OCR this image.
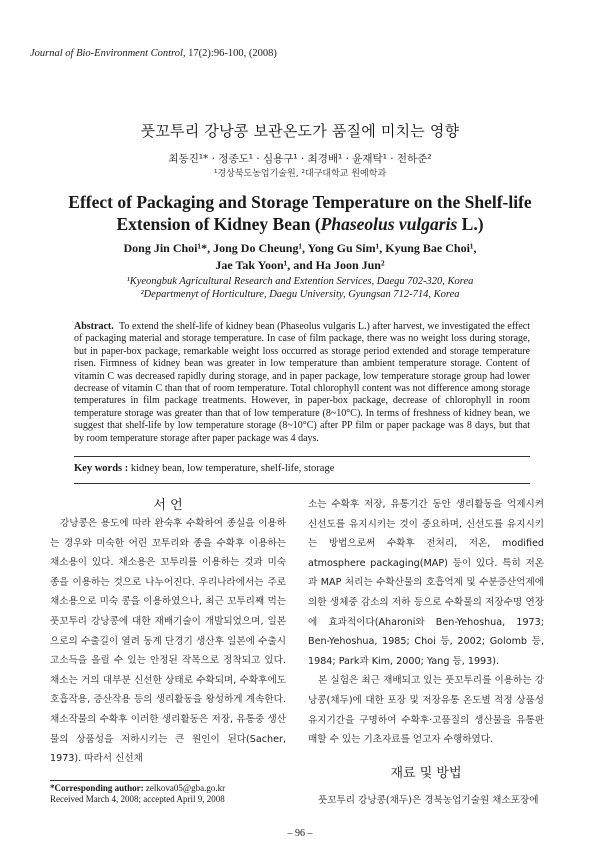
Journal of Bio-Environment Control, 17(2):96-100, (2008)
풋꼬투리 강낭콩 보관온도가 품질에 미치는 영향
최동진¹* · 정종도¹ · 심용구¹ · 최경배¹ · 윤재탁¹ · 전하준²
¹경상북도농업기술원, ²대구대학교 원예학과
Effect of Packaging and Storage Temperature on the Shelf-life
Extension of Kidney Bean (Phaseolus vulgaris L.)
Dong Jin Choi¹*, Jong Do Cheung¹, Yong Gu Sim¹, Kyung Bae Choi¹,
Jae Tak Yoon¹, and Ha Joon Jun²
¹Kyeongbuk Agricultural Research and Extention Services, Daegu 702-320, Korea
²Departmenyt of Horticulture, Daegu University, Gyungsan 712-714, Korea
Abstract. To extend the shelf-life of kidney bean (Phaseolus vulgaris L.) after harvest, we investigated the effect of packaging material and storage temperature. In case of film package, there was no weight loss during storage, but in paper-box package, remarkable weight loss occurred as storage period extended and storage temperature risen. Firmness of kidney bean was greater in low temperature than ambient temperature storage. Content of vitamin C was decreased rapidly during storage, and in paper package, low temperature storage group had lower decrease of vitamin C than that of room temperature. Total chlorophyll content was not difference among storage temperatures in film package treatments. However, in paper-box package, decrease of chlorophyll in room temperature storage was greater than that of low temperature (8~10°C). In terms of freshness of kidney bean, we suggest that shelf-life by low temperature storage (8~10°C) after PP film or paper package was 8 days, but that by room temperature storage after paper package was 4 days.
Key words : kidney bean, low temperature, shelf-life, storage
서 언

강낭콩은 용도에 따라 완숙후 수확하여 종실을 이용하는 경우와 미숙한 어린 꼬투리와 종을 수확후 이용하는 채소용이 있다. 채소용은 꼬투리를 이용하는 것과 미숙 종을 이용하는 것으로 나누어진다. 우리나라에서는 주로 채소용으로 미숙 콩을 이용하였으나, 최근 꼬투리째 먹는 풋꼬투리 강낭콩에 대한 재배기술이 개발되었으며, 일본으로의 수출길이 열려 동계 단경기 생산후 일본에 수출시 고소득을 올릴 수 있는 안정된 작목으로 정착되고 있다. 채소는 거의 대부분 신선한 상태로 수확되며, 수확후에도 호흡작용, 증산작용 등의 생리활동을 왕성하게 계속한다. 채소작물의 수확후 이러한 생리활동은 저장, 유통중 생산물의 상품성을 저하시키는 큰 원인이 된다(Sacher, 1973). 따라서 신선채

소는 수확후 저장, 유통기간 동안 생리활동을 억제시켜 신선도를 유지시키는 것이 중요하며, 신선도를 유지시키는 방법으로써 수확후 전처리, 저온, modified atmosphere packaging(MAP) 등이 있다. 특히 저온과 MAP 처리는 수확산물의 호흡억제 및 수분증산억제에 의한 생체중 감소의 저하 등으로 수확물의 저장수명 연장에 효과적이다(Aharoni와 Ben-Yehoshua, 1973; Ben-Yehoshua, 1985; Choi 등, 2002; Golomb 등, 1984; Park과 Kim, 2000; Yang 등, 1993).

본 실험은 최근 재배되고 있는 풋꼬투리를 이용하는 강낭콩(채두)에 대한 포장 및 저장유통 온도별 적정 상품성 유지기간을 구명하여 수확후·고품질의 생산물을 유통판매할 수 있는 기초자료를 얻고자 수행하였다.

재료 및 방법

풋꼬투리 강낭콩(채두)은 경북농업기술원 채소포장에

*Corresponding author: zelkova05@gba.go.kr
Received March 4, 2008; accepted April 9, 2008
– 96 –
